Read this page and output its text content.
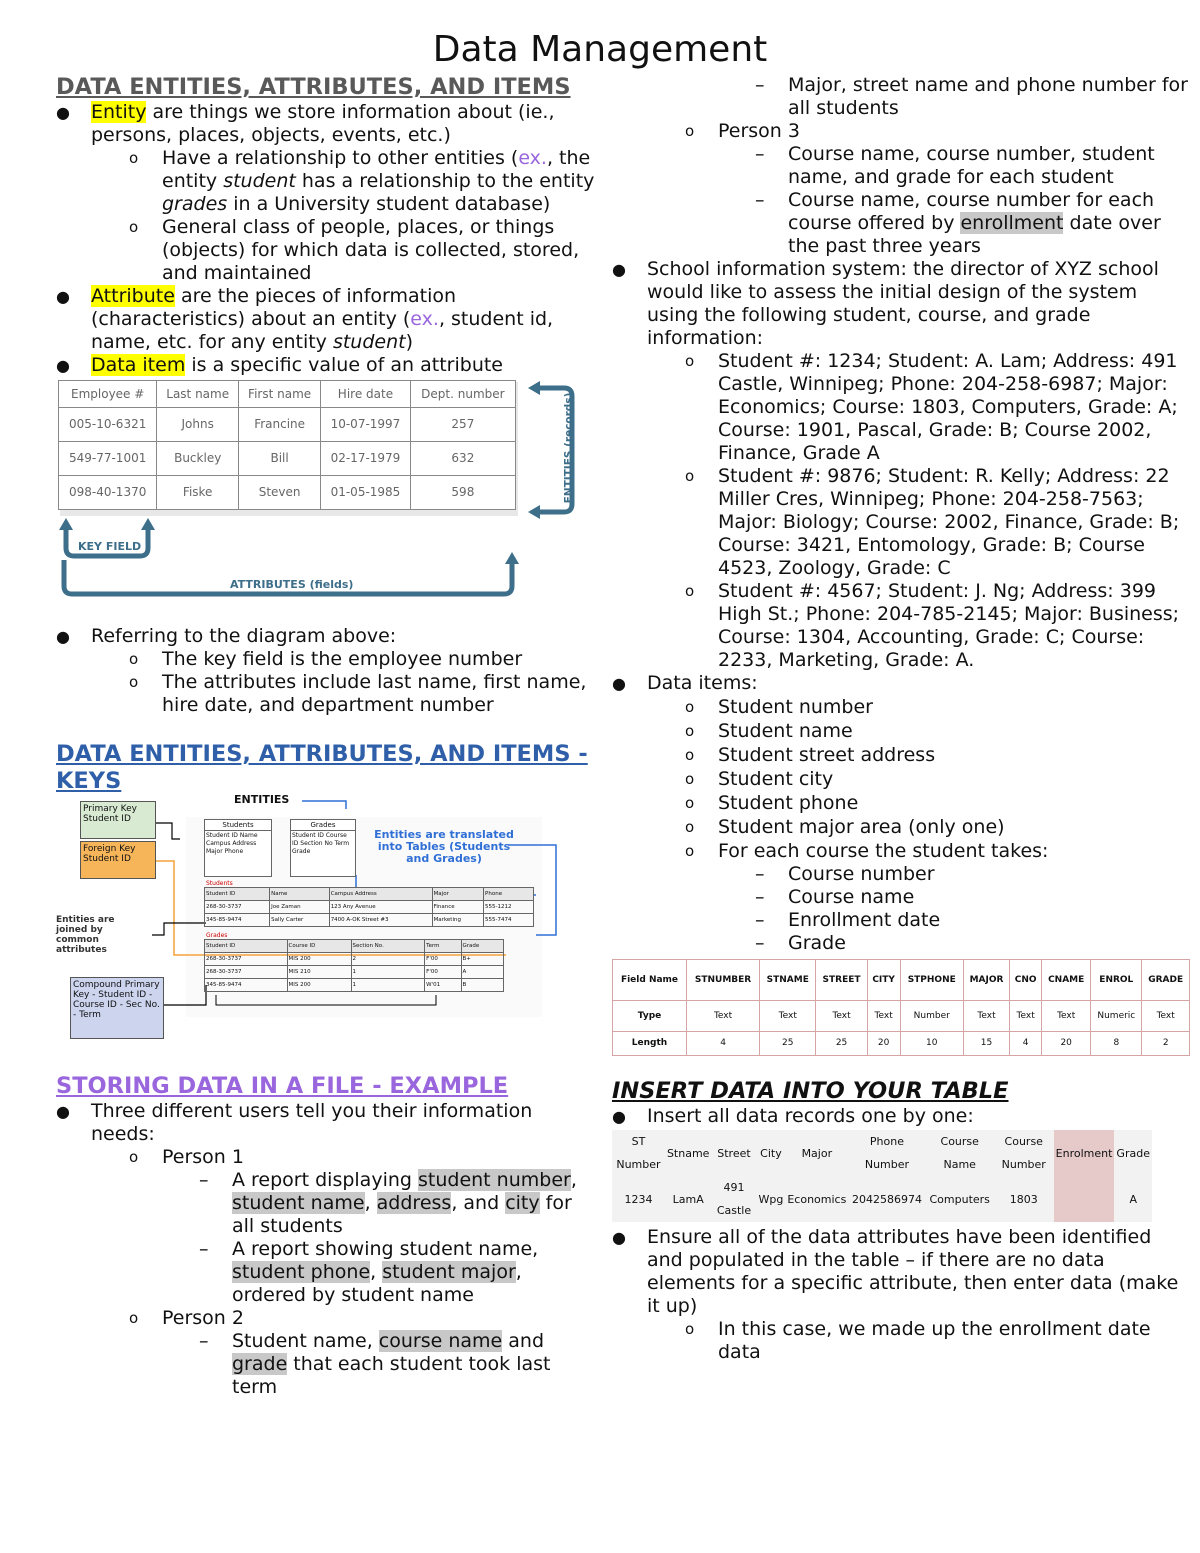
Data Management
DATA ENTITIES, ATTRIBUTES, AND ITEMS
● Entity are things we store information about (ie., persons, places, objects, events, etc.)
o Have a relationship to other entities (ex., the entity student has a relationship to the entity grades in a University student database)
o General class of people, places, or things (objects) for which data is collected, stored, and maintained
● Attribute are the pieces of information (characteristics) about an entity (ex., student id, name, etc. for any entity student)
● Data item is a specific value of an attribute
Employee #	Last name	First name	Hire date	Dept. number
005-10-6321	Johns	Francine	10-07-1997	257
549-77-1001	Buckley	Bill	02-17-1979	632
098-40-1370	Fiske	Steven	01-05-1985	598	ENTITIES (records)
KEY FIELD
ATTRIBUTES (fields)
● Referring to the diagram above:
o The key field is the employee number
o The attributes include last name, first name, hire date, and department number
DATA ENTITIES, ATTRIBUTES, AND ITEMS - KEYS
ENTITIES
Primary Key Student ID
Foreign Key Student ID
Entities are joined by common attributes
Compound Primary Key - Student ID - Course ID - Sec No. - Term
Entities are translated into Tables (Students and Grades)
Students
Student ID Name Campus Address Major Phone
Grades
Student ID Course ID Section No Term Grade
Students
Student ID	Name	Campus Address	Major	Phone
268-30-3737	Joe Zaman	123 Any Avenue	Finance	555-1212
345-85-9474	Sally Carter	7400 A-OK Street #3	Marketing	555-7474
Grades
Student ID	Course ID	Section No.	Term	Grade
268-30-3737	MIS 200	2	F'00	B+
268-30-3737	MIS 210	1	F'00	A
345-85-9474	MIS 200	1	W'01	B
STORING DATA IN A FILE - EXAMPLE
● Three different users tell you their information needs:
o Person 1
– A report displaying student number, student name, address, and city for all students
– A report showing student name, student phone, student major, ordered by student name
o Person 2
– Student name, course name and grade that each student took last term
– Major, street name and phone number for all students
o Person 3
– Course name, course number, student name, and grade for each student
– Course name, course number for each course offered by enrollment date over the past three years
● School information system: the director of XYZ school would like to assess the initial design of the system using the following student, course, and grade information:
o Student #: 1234; Student: A. Lam; Address: 491 Castle, Winnipeg; Phone: 204-258-6987; Major: Economics; Course: 1803, Computers, Grade: A; Course: 1901, Pascal, Grade: B; Course 2002, Finance, Grade A
o Student #: 9876; Student: R. Kelly; Address: 22 Miller Cres, Winnipeg; Phone: 204-258-7563; Major: Biology; Course: 2002, Finance, Grade: B; Course: 3421, Entomology, Grade: B; Course 4523, Zoology, Grade: C
o Student #: 4567; Student: J. Ng; Address: 399 High St.; Phone: 204-785-2145; Major: Business; Course: 1304, Accounting, Grade: C; Course: 2233, Marketing, Grade: A.
● Data items:
o Student number
o Student name
o Student street address
o Student city
o Student phone
o Student major area (only one)
o For each course the student takes:
– Course number
– Course name
– Enrollment date
– Grade
Field Name	STNUMBER	STNAME	STREET	CITY	STPHONE	MAJOR	CNO	CNAME	ENROL	GRADE
Type	Text	Text	Text	Text	Number	Text	Text	Text	Numeric	Text
Length	4	25	25	20	10	15	4	20	8	2
INSERT DATA INTO YOUR TABLE
● Insert all data records one by one:
ST Number	Stname	Street	City	Major	Phone Number	Course Name	Course Number	Enrolment	Grade
1234	LamA	491 Castle	Wpg	Economics	2042586974	Computers	1803		A
● Ensure all of the data attributes have been identified and populated in the table – if there are no data elements for a specific attribute, then enter data (make it up)
o In this case, we made up the enrollment date data
